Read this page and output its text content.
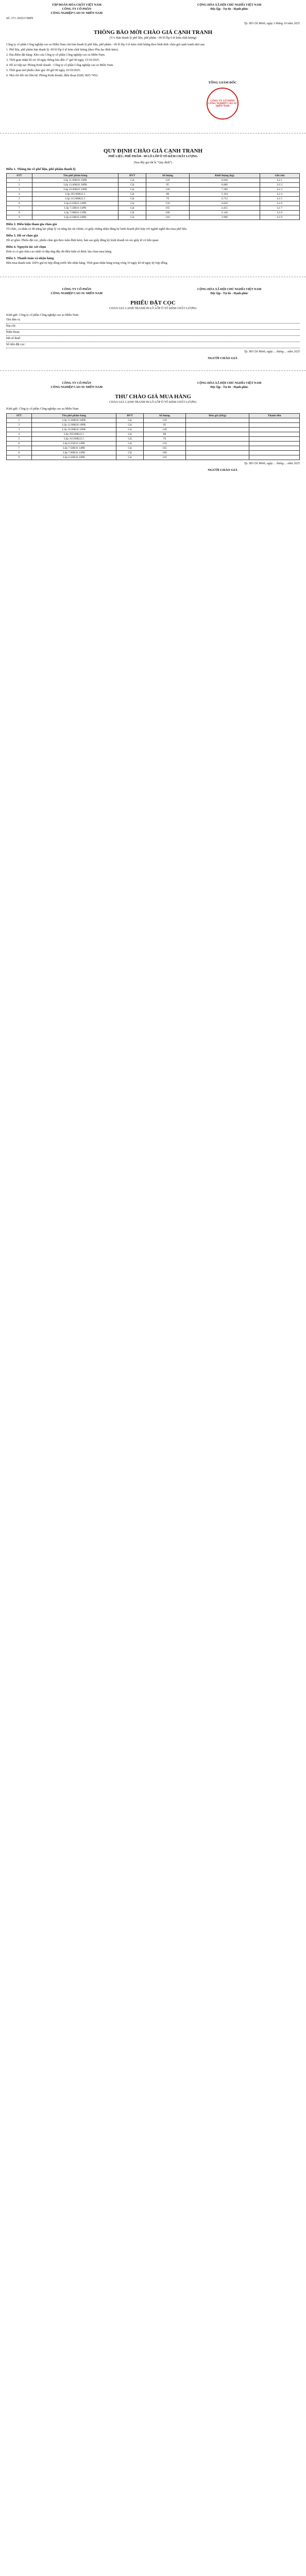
TẬP ĐOÀN HÓA CHẤT VIỆT NAM
CÔNG TY CỔ PHẦN
CÔNG NGHIỆP CAO SU MIỀN NAM
CỘNG HÒA XÃ HỘI CHỦ NGHĨA VIỆT NAM
Độc lập - Tự do - Hạnh phúc
Số: 373 /2025/CSMN
Tp. Hồ Chí Minh, ngày 3 tháng 10 năm 2025
THÔNG BÁO MỜI CHÀO GIÁ CẠNH TRANH
(V/v Bán thanh lý phế liệu, phế phẩm - 09 lô lốp ô tô kém chất lượng)

Công ty cổ phần Công nghiệp cao su Miền Nam cần bán thanh lý phế liệu, phế phẩm - 09 lô lốp ô tô kém chất lượng theo hình thức chào giá cạnh tranh như sau:

1. Phế liệu, phế phẩm bán thanh lý: 09 lô lốp ô tô kém chất lượng (theo Phụ lục đính kèm).

2. Địa điểm đặt hàng: Kho của Công ty cổ phần Công nghiệp cao su Miền Nam.

3. Thời gian nhận hồ sơ: từ ngày thông báo đến 17 giờ 00 ngày 15/10/2025.

4. Hồ sơ nộp tại: Phòng Kinh doanh - Công ty cổ phần Công nghiệp cao su Miền Nam.

5. Thời gian mở phiếu chào giá: 09 giờ 00 ngày 16/10/2025.

6. Mọi chi tiết xin liên hệ: Phòng Kinh doanh, điện thoại (028) 3825 7452.

TỔNG GIÁM ĐỐC
CÔNG TY CỔ PHẦN CÔNG NGHIỆP CAO SU MIỀN NAM
QUY ĐỊNH CHÀO GIÁ CẠNH TRANH
PHẾ LIỆU, PHẾ PHẨM - 09 LÔ LỐP Ô TÔ KÉM CHẤT LƯỢNG
(Sau đây gọi tắt là "Quy định")
Điều 1. Thông tin về phế liệu, phế phẩm thanh lý
STT	Tên phế phẩm hàng	ĐVT	Số lượng	Khối lượng (kg)	Ghi chú
1	Lốp 11.00R20 16PR	Cái	120	6.840	Lô 1
2	Lốp 12.00R20 18PR	Cái	95	6.080	Lô 2
3	Lốp 10.00R20 16PR	Cái	140	7.280	Lô 3
4	Lốp 295/80R22.5	Cái	88	5.104	Lô 4
5	Lốp 315/80R22.5	Cái	76	4.712	Lô 5
6	Lốp 8.25R16 14PR	Cái	150	4.650	Lô 6
7	Lốp 7.50R16 14PR	Cái	165	4.455	Lô 7
8	Lốp 7.00R16 12PR	Cái	180	4.140	Lô 8
9	Lốp 6.50R16 10PR	Cái	210	3.990	Lô 9
Điều 2. Điều kiện tham gia chào giá

Tổ chức, cá nhân có đủ năng lực pháp lý và năng lực tài chính; có giấy chứng nhận đăng ký kinh doanh phù hợp với ngành nghề thu mua phế liệu.

Điều 3. Hồ sơ chào giá

Hồ sơ gồm: Phiếu đặt cọc, phiếu chào giá theo mẫu đính kèm, bản sao giấy đăng ký kinh doanh và các giấy tờ có liên quan.

Điều 4. Nguyên tắc xét chọn

Đơn vị có giá chào cao nhất và đáp ứng đầy đủ điều kiện sẽ được lựa chọn mua hàng.

Điều 5. Thanh toán và nhận hàng

Bên mua thanh toán 100% giá trị hợp đồng trước khi nhận hàng. Thời gian nhận hàng trong vòng 10 ngày kể từ ngày ký hợp đồng.

CÔNG TY CỔ PHẦN
CÔNG NGHIỆP CAO SU MIỀN NAM
CỘNG HÒA XÃ HỘI CHỦ NGHĨA VIỆT NAM
Độc lập - Tự do - Hạnh phúc
PHIẾU ĐẶT CỌC
CHÀO GIÁ CẠNH TRANH 09 LÔ LỐP Ô TÔ KÉM CHẤT LƯỢNG

Kính gửi: Công ty cổ phần Công nghiệp cao su Miền Nam

Tên đơn vị:
Địa chỉ:
Điện thoại:
Mã số thuế:
Số tiền đặt cọc:
Tp. Hồ Chí Minh, ngày ... tháng ... năm 2025
NGƯỜI CHÀO GIÁ
CÔNG TY CỔ PHẦN
CÔNG NGHIỆP CAO SU MIỀN NAM
CỘNG HÒA XÃ HỘI CHỦ NGHĨA VIỆT NAM
Độc lập - Tự do - Hạnh phúc
THƯ CHÀO GIÁ MUA HÀNG
CHÀO GIÁ CẠNH TRANH 09 LÔ LỐP Ô TÔ KÉM CHẤT LƯỢNG

Kính gửi: Công ty cổ phần Công nghiệp cao su Miền Nam

STT	Tên phế phẩm hàng	ĐVT	Số lượng	Đơn giá (đ/kg)	Thành tiền
1	Lốp 11.00R20 16PR	Cái	120		
2	Lốp 12.00R20 18PR	Cái	95		
3	Lốp 10.00R20 16PR	Cái	140		
4	Lốp 295/80R22.5	Cái	88		
5	Lốp 315/80R22.5	Cái	76		
6	Lốp 8.25R16 14PR	Cái	150		
7	Lốp 7.50R16 14PR	Cái	165		
8	Lốp 7.00R16 12PR	Cái	180		
9	Lốp 6.50R16 10PR	Cái	210		
Tp. Hồ Chí Minh, ngày ... tháng ... năm 2025
NGƯỜI CHÀO GIÁ
